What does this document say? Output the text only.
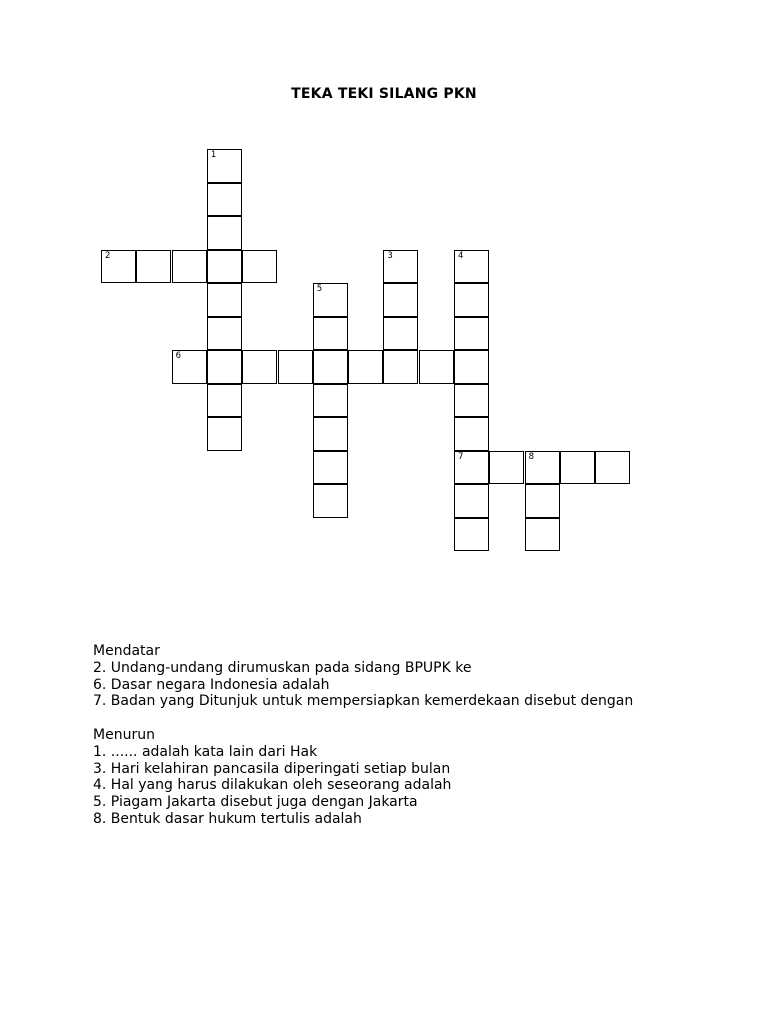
TEKA TEKI SILANG PKN
1
2	3	4
7
5
6
8
Mendatar
2. Undang-undang dirumuskan pada sidang BPUPK ke
6. Dasar negara Indonesia adalah
7. Badan yang Ditunjuk untuk mempersiapkan kemerdekaan disebut dengan
Menurun
1. ...... adalah kata lain dari Hak
3. Hari kelahiran pancasila diperingati setiap bulan
4. Hal yang harus dilakukan oleh seseorang adalah
5. Piagam Jakarta disebut juga dengan Jakarta
8. Bentuk dasar hukum tertulis adalah
